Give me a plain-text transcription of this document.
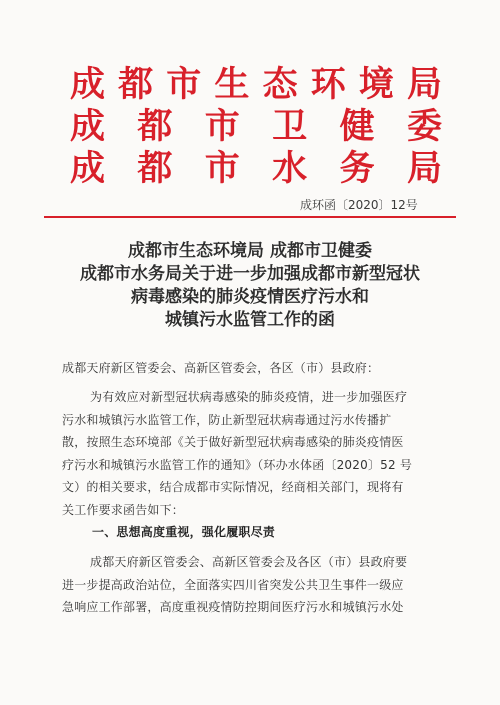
成 都 市 生 态 环 境 局
成 都 市 卫 健 委
成 都 市 水 务 局
成环函〔2020〕12号
成都市生态环境局 成都市卫健委
成都市水务局关于进一步加强成都市新型冠状
病毒感染的肺炎疫情医疗污水和
城镇污水监管工作的函
成都天府新区管委会、高新区管委会，各区（市）县政府：
为有效应对新型冠状病毒感染的肺炎疫情，进一步加强医疗
污水和城镇污水监管工作，防止新型冠状病毒通过污水传播扩
散，按照生态环境部《关于做好新型冠状病毒感染的肺炎疫情医
疗污水和城镇污水监管工作的通知》（环办水体函〔2020〕52 号
文）的相关要求，结合成都市实际情况，经商相关部门，现将有
关工作要求函告如下：
一、思想高度重视，强化履职尽责
成都天府新区管委会、高新区管委会及各区（市）县政府要
进一步提高政治站位，全面落实四川省突发公共卫生事件一级应
急响应工作部署，高度重视疫情防控期间医疗污水和城镇污水处
